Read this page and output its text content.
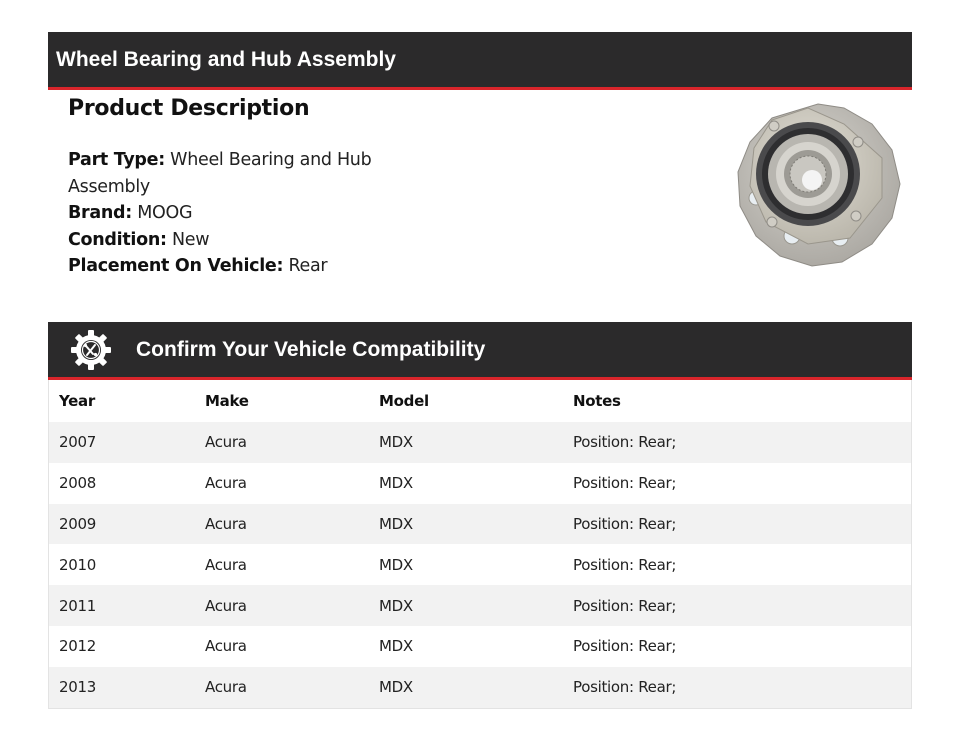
Wheel Bearing and Hub Assembly
Product Description
Part Type: Wheel Bearing and Hub Assembly
Brand: MOOG
Condition: New
Placement On Vehicle: Rear
Confirm Your Vehicle Compatibility
Year	Make	Model	Notes
2007	Acura	MDX	Position: Rear;
2008	Acura	MDX	Position: Rear;
2009	Acura	MDX	Position: Rear;
2010	Acura	MDX	Position: Rear;
2011	Acura	MDX	Position: Rear;
2012	Acura	MDX	Position: Rear;
2013	Acura	MDX	Position: Rear;
